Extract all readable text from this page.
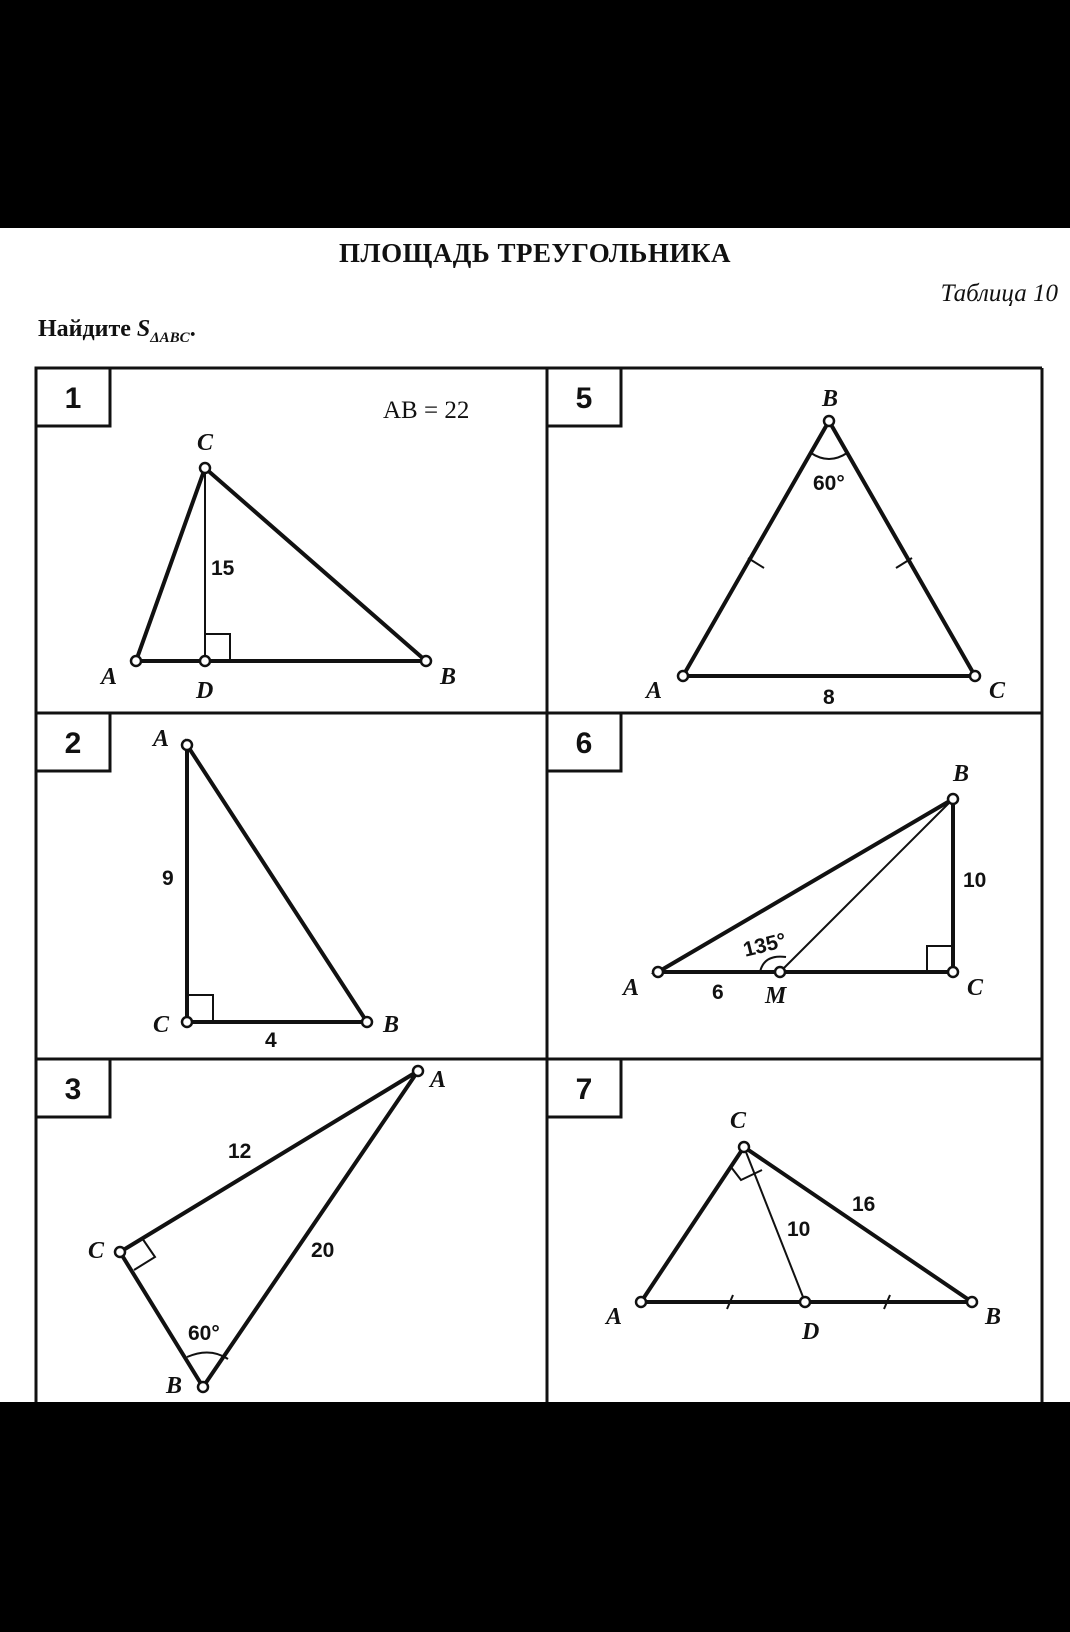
ПЛОЩАДЬ ТРЕУГОЛЬНИКА
Таблица 10
Найдите $S_{\Delta ABC}$.
1
2
3
5
6
7
AB = 22
C
A
D
B
15
A
C	B
9
4
A
C
B
12
20
60°
B
A	C
60°
8
B
A	M	C
10
6
135°
C
A
D
B
16
10
